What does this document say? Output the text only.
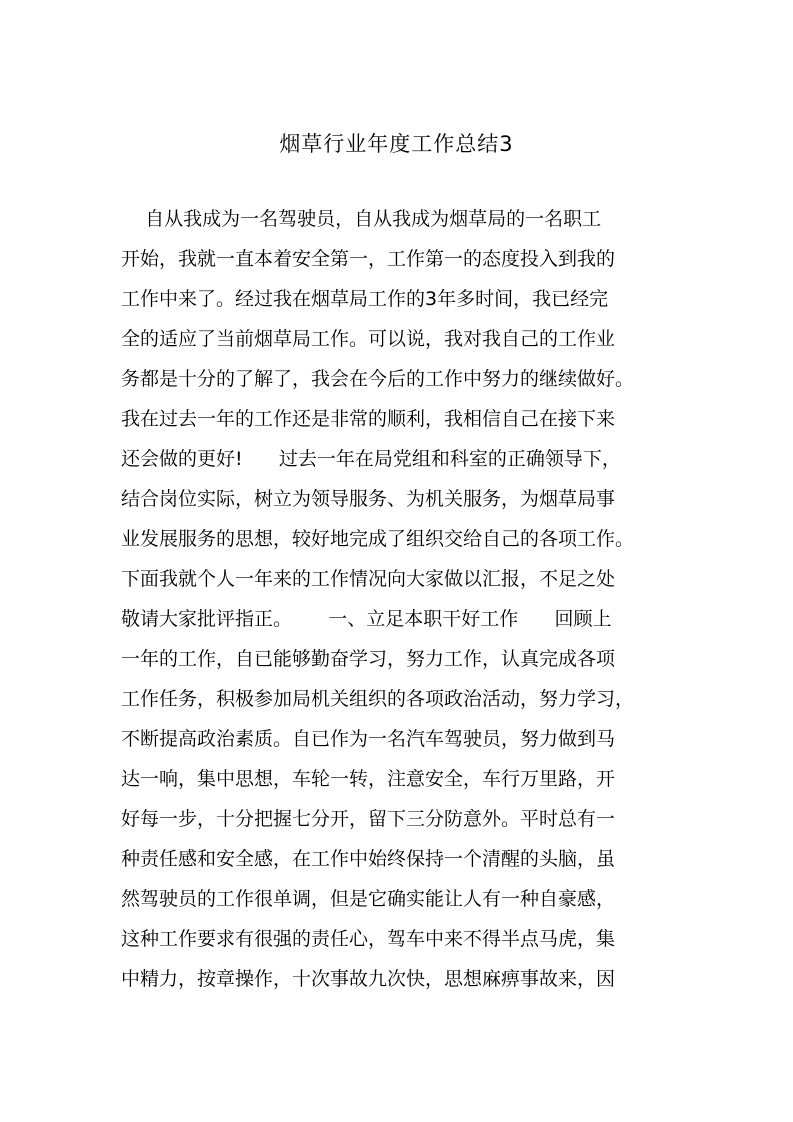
烟草行业年度工作总结3
自从我成为一名驾驶员，自从我成为烟草局的一名职工
开始，我就一直本着安全第一，工作第一的态度投入到我的
工作中来了。经过我在烟草局工作的3年多时间，我已经完
全的适应了当前烟草局工作。可以说，我对我自己的工作业
务都是十分的了解了，我会在今后的工作中努力的继续做好。
我在过去一年的工作还是非常的顺利，我相信自己在接下来
还会做的更好!      过去一年在局党组和科室的正确领导下，
结合岗位实际，树立为领导服务、为机关服务，为烟草局事
业发展服务的思想，较好地完成了组织交给自己的各项工作。
下面我就个人一年来的工作情况向大家做以汇报，不足之处
敬请大家批评指正。      一、立足本职干好工作      回顾上
一年的工作，自已能够勤奋学习，努力工作，认真完成各项
工作任务，积极参加局机关组织的各项政治活动，努力学习，
不断提高政治素质。自已作为一名汽车驾驶员，努力做到马
达一响，集中思想，车轮一转，注意安全，车行万里路，开
好每一步，十分把握七分开，留下三分防意外。平时总有一
种责任感和安全感，在工作中始终保持一个清醒的头脑，虽
然驾驶员的工作很单调，但是它确实能让人有一种自豪感，
这种工作要求有很强的责任心，驾车中来不得半点马虎，集
中精力，按章操作，十次事故九次快，思想麻痹事故来，因
